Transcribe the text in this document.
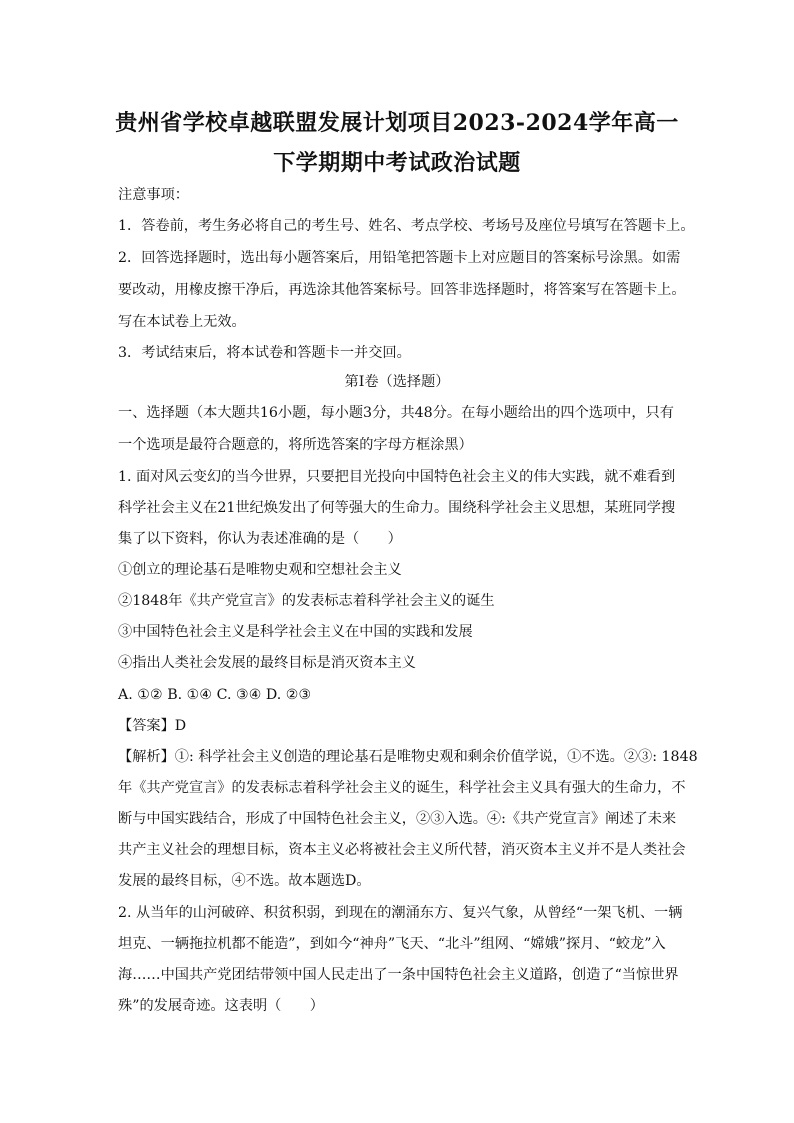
贵州省学校卓越联盟发展计划项目2023-2024学年高一
下学期期中考试政治试题
注意事项：
1．答卷前，考生务必将自己的考生号、姓名、考点学校、考场号及座位号填写在答题卡上。
2．回答选择题时，选出每小题答案后，用铅笔把答题卡上对应题目的答案标号涂黑。如需
要改动，用橡皮擦干净后，再选涂其他答案标号。回答非选择题时，将答案写在答题卡上。
写在本试卷上无效。
3．考试结束后，将本试卷和答题卡一并交回。
第I卷（选择题）
一、选择题（本大题共16小题，每小题3分，共48分。在每小题给出的四个选项中，只有
一个选项是最符合题意的，将所选答案的字母方框涂黑）
1. 面对风云变幻的当今世界，只要把目光投向中国特色社会主义的伟大实践，就不难看到
科学社会主义在21世纪焕发出了何等强大的生命力。围绕科学社会主义思想，某班同学搜
集了以下资料，你认为表述准确的是（　　）
①创立的理论基石是唯物史观和空想社会主义
②1848年《共产党宣言》的发表标志着科学社会主义的诞生
③中国特色社会主义是科学社会主义在中国的实践和发展
④指出人类社会发展的最终目标是消灭资本主义
A. ①② B. ①④ C. ③④ D. ②③
【答案】D
【解析】①: 科学社会主义创造的理论基石是唯物史观和剩余价值学说，①不选。②③: 1848
年《共产党宣言》的发表标志着科学社会主义的诞生，科学社会主义具有强大的生命力，不
断与中国实践结合，形成了中国特色社会主义，②③入选。④:《共产党宣言》阐述了未来
共产主义社会的理想目标，资本主义必将被社会主义所代替，消灭资本主义并不是人类社会
发展的最终目标，④不选。故本题选D。
2. 从当年的山河破碎、积贫积弱，到现在的潮涌东方、复兴气象，从曾经“一架飞机、一辆
坦克、一辆拖拉机都不能造”，到如今“神舟”飞天、“北斗”组网、“嫦娥”探月、“蛟龙”入
海……中国共产党团结带领中国人民走出了一条中国特色社会主义道路，创造了“当惊世界
殊”的发展奇迹。这表明（　　）
